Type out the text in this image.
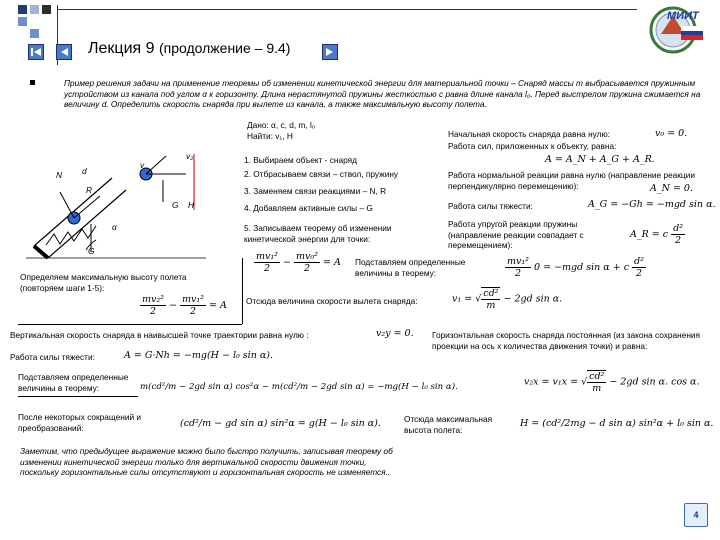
МИИТ
Лекция 9 (продолжение – 9.4)
Пример решения задачи на применение теоремы об изменении кинетической энергии для материальной точки – Снаряд массы m выбрасывается пружинным устройством из канала под углом α к горизонту. Длина нерастянутой пружины жесткостью c равна длине канала l₀. Перед выстрелом пружина сжимается на величину d. Определить скорость снаряда при вылете из канала, а также максимальную высоту полета.
Дано: α, c, d, m, l₀
Найти: v₁, H
N
R
G
v
v₂
G H
d
α
1. Выбираем объект - снаряд
2. Отбрасываем связи – ствол, пружину
3. Заменяем связи реакциями – N, R
4. Добавляем активные силы – G
5. Записываем теорему об изменении кинетической энергии для точки:
$\frac{\text{mv₁²}}{2} - \frac{\text{mv₀²}}{2} = A$
Начальная скорость снаряда равна нулю:	v₀ = 0.
Работа сил, приложенных к объекту, равна:
A = A_N + A_G + A_R.
Работа нормальной реакции равна нулю (направление реакции перпендикулярно перемещению):	A_N = 0.
Работа силы тяжести:	A_G = −Gh = −mgd sin α.
Работа упругой реакции пружины (направление реакции совпадает с перемещением):
A_R = c $\frac{\text{d²}}{2}$
Подставляем определенные величины в теорему:	$\frac{\text{mv₁²}}{2} 0 = -mgd$ sin α + c $\frac{\text{d²}}{2}$
Отсюда величина скорости вылета снаряда:	v₁ = √ $\frac{\text{cd²}}{m} - 2gd$ sin α.
Определяем максимальную высоту полета (повторяем шаги 1-5):
$\frac{\text{mv₂²}}{2} - \frac{\text{mv₁²}}{2} = A$
Вертикальная скорость снаряда в наивысшей точке траектории равна нулю :	v₂y = 0.
Работа силы тяжести:	A = G·Nh = −mg(H − l₀ sin α).
Горизонтальная скорость снаряда постоянная (из закона сохранения проекции на ось x количества движения точки) и равна:
v₂x = v₁x = √ $\frac{\text{cd²}}{m} - 2gd$ sin α. cos α.
Подставляем определенные величины в теорему:	m(cd²/m − 2gd sin α) cos²α − m(cd²/m − 2gd sin α) = −mg(H − l₀ sin α).
После некоторых сокращений и преобразований:	(cd²/m − gd sin α) sin²α = g(H − l₀ sin α).	Отсюда максимальная высота полета:
H = (cd²/2mg − d sin α) sin²α + l₀ sin α.
Заметим, что предыдущее выражение можно было быстро получить, записывая теорему об изменении кинетической энергии только для вертикальной скорости движения точки, поскольку горизонтальные силы отсутствуют и горизонтальная скорость не изменяется..
4
